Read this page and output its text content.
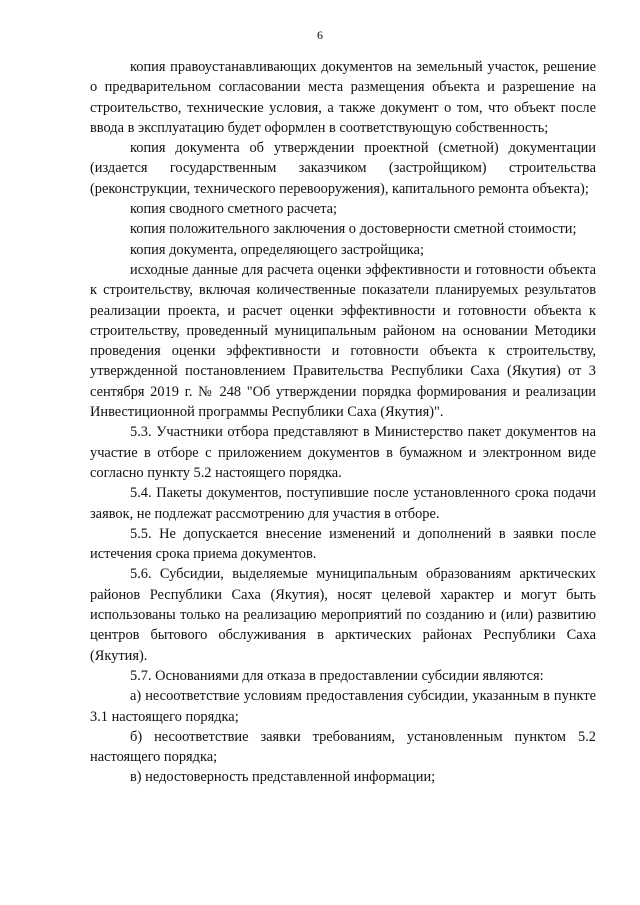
6

копия правоустанавливающих документов на земельный участок, решение о предварительном согласовании места размещения объекта и разрешение на строительство, технические условия, а также документ о том, что объект после ввода в эксплуатацию будет оформлен в соответствующую собственность;

копия документа об утверждении проектной (сметной) документации (издается государственным заказчиком (застройщиком) строительства (реконструкции, технического перевооружения), капитального ремонта объекта);

копия сводного сметного расчета;

копия положительного заключения о достоверности сметной стоимости;

копия документа, определяющего застройщика;

исходные данные для расчета оценки эффективности и готовности объекта к строительству, включая количественные показатели планируемых результатов реализации проекта, и расчет оценки эффективности и готовности объекта к строительству, проведенный муниципальным районом на основании Методики проведения оценки эффективности и готовности объекта к строительству, утвержденной постановлением Правительства Республики Саха (Якутия) от 3 сентября 2019 г. № 248 "Об утверждении порядка формирования и реализации Инвестиционной программы Республики Саха (Якутия)".

5.3. Участники отбора представляют в Министерство пакет документов на участие в отборе с приложением документов в бумажном и электронном виде согласно пункту 5.2 настоящего порядка.

5.4. Пакеты документов, поступившие после установленного срока подачи заявок, не подлежат рассмотрению для участия в отборе.

5.5. Не допускается внесение изменений и дополнений в заявки после истечения срока приема документов.

5.6. Субсидии, выделяемые муниципальным образованиям арктических районов Республики Саха (Якутия), носят целевой характер и могут быть использованы только на реализацию мероприятий по созданию и (или) развитию центров бытового обслуживания в арктических районах Республики Саха (Якутия).

5.7. Основаниями для отказа в предоставлении субсидии являются:

а) несоответствие условиям предоставления субсидии, указанным в пункте 3.1 настоящего порядка;

б) несоответствие заявки требованиям, установленным пунктом 5.2 настоящего порядка;

в) недостоверность представленной информации;
